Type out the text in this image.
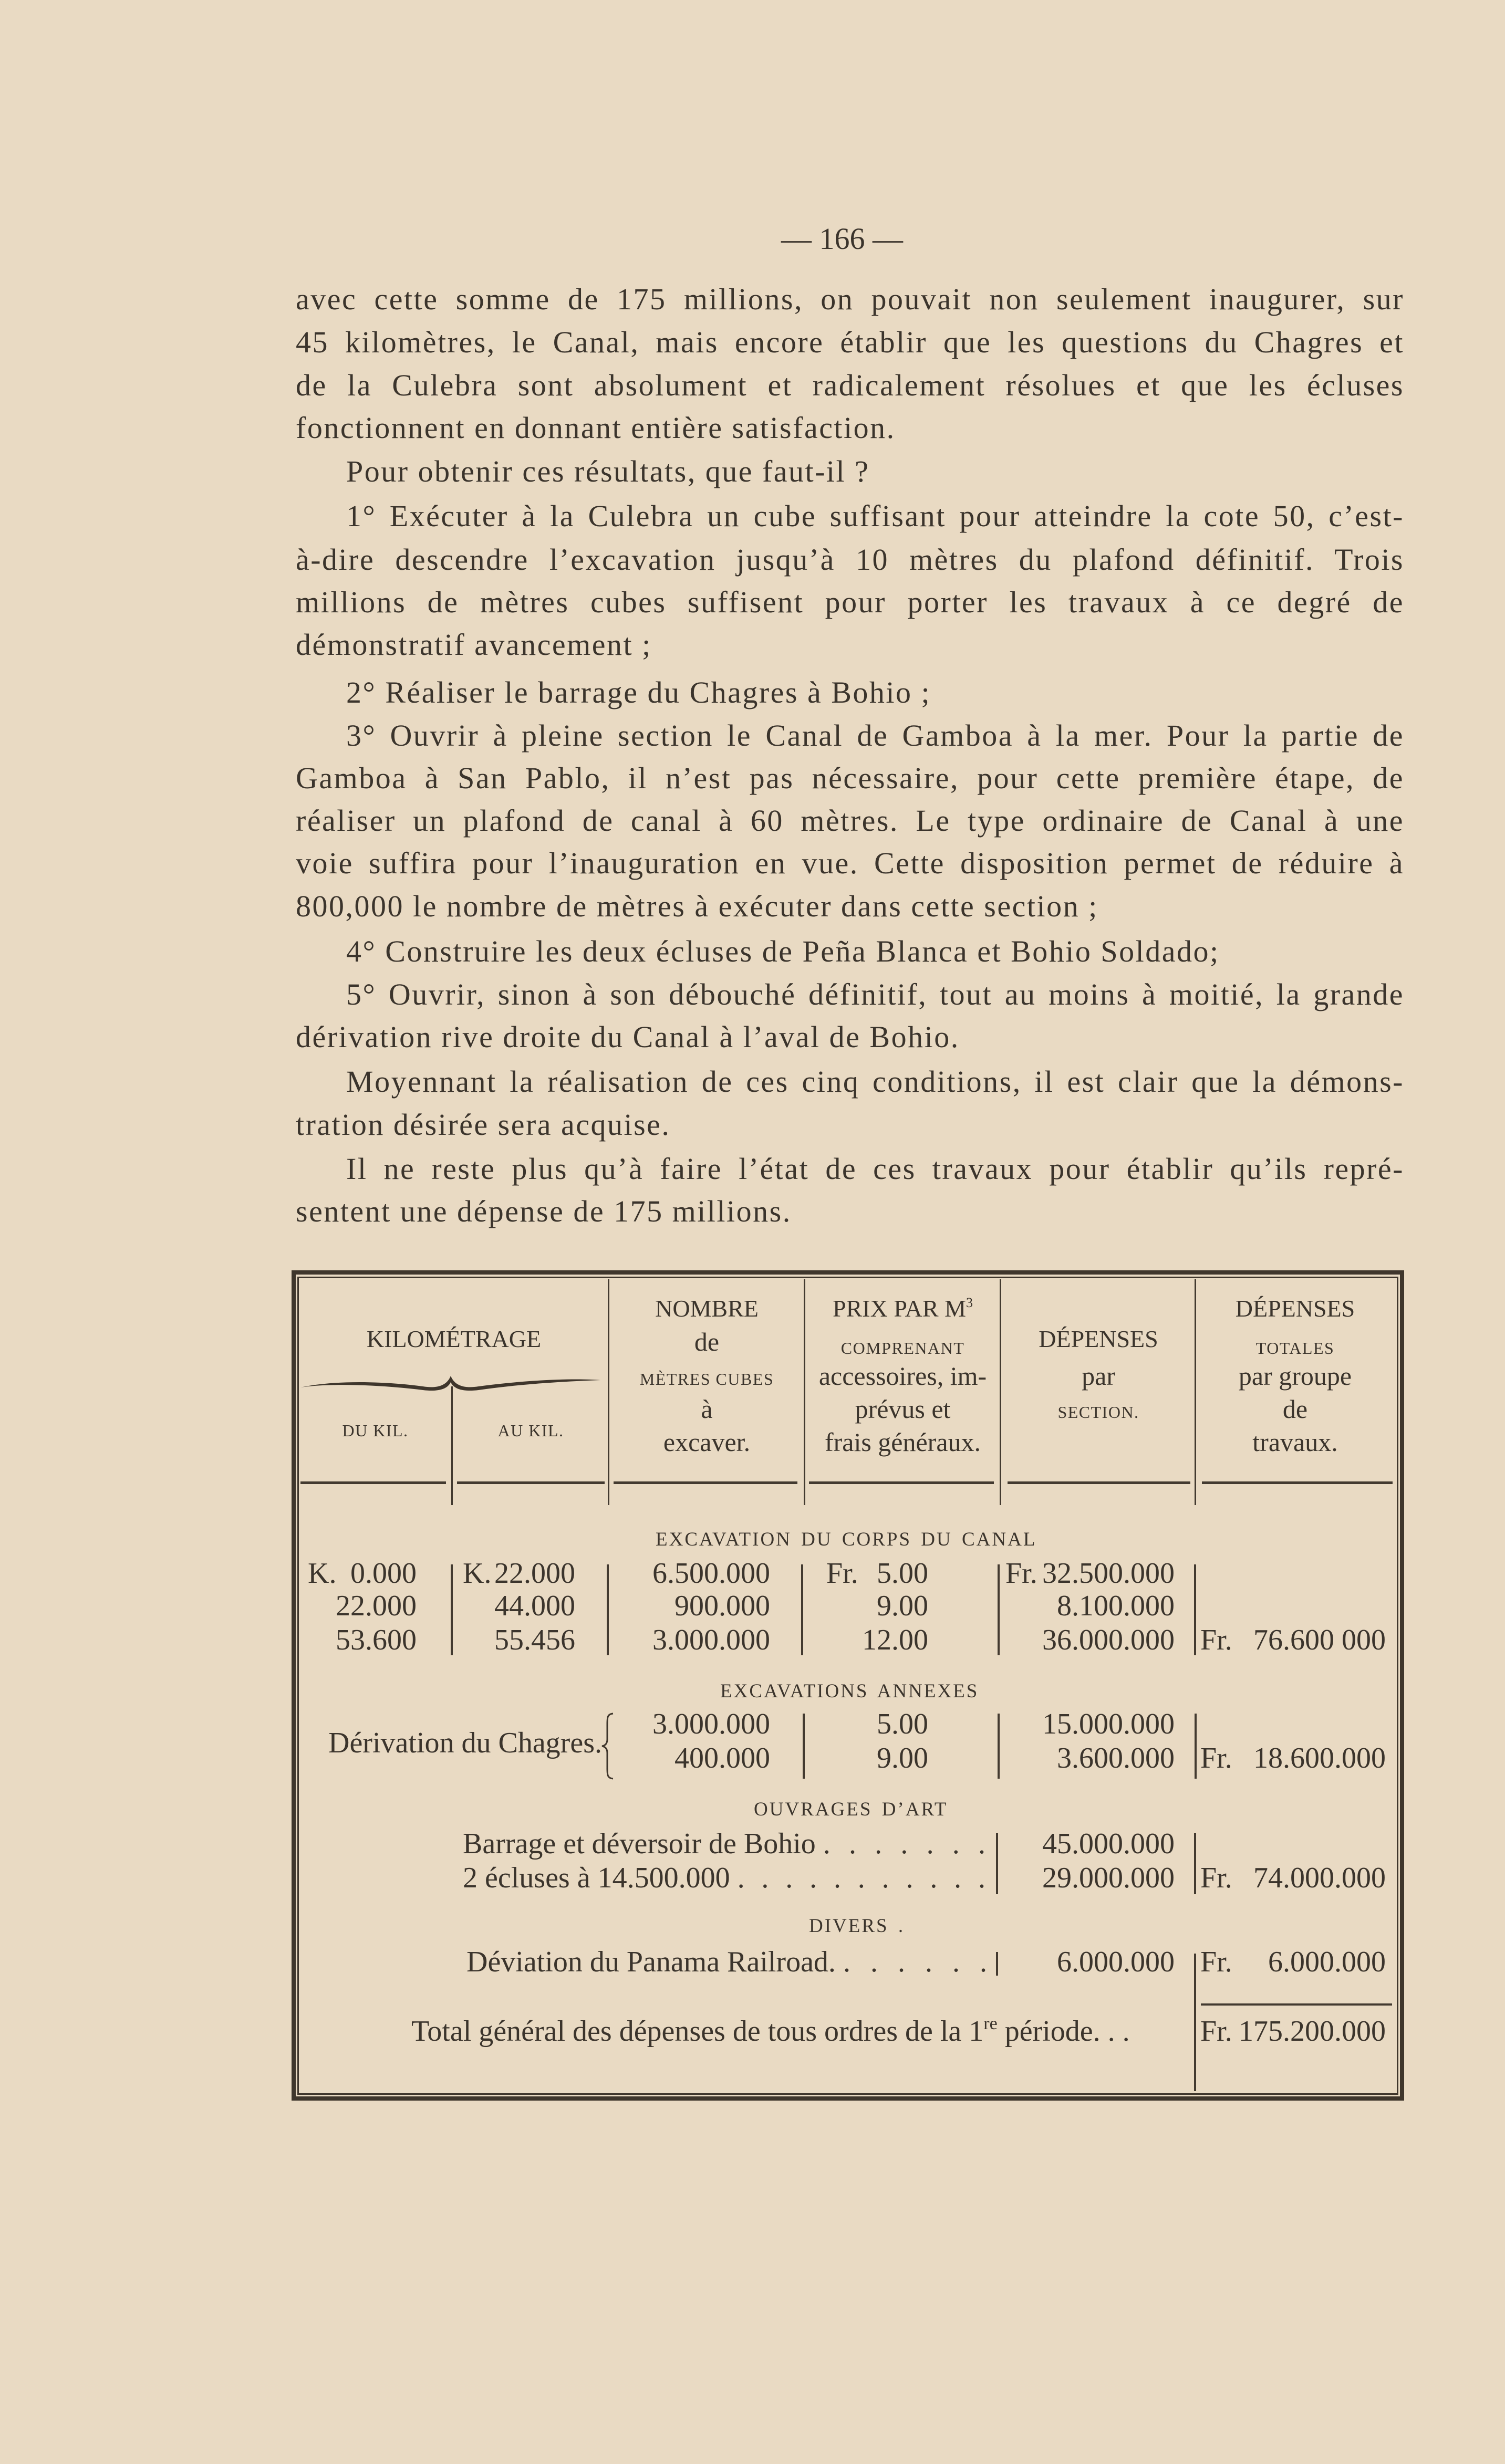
— 166 —
avec cette somme de 175 millions, on pouvait non seulement inaugurer, sur
45 kilomètres, le Canal, mais encore établir que les questions du Chagres et
de la Culebra sont absolument et radicalement résolues et que les écluses
fonctionnent en donnant entière satisfaction.
Pour obtenir ces résultats, que faut-il ?
1° Exécuter à la Culebra un cube suffisant pour atteindre la cote 50, c’est-
à-dire descendre l’excavation jusqu’à 10 mètres du plafond définitif. Trois
millions de mètres cubes suffisent pour porter les travaux à ce degré de
démonstratif avancement ;
2° Réaliser le barrage du Chagres à Bohio ;
3° Ouvrir à pleine section le Canal de Gamboa à la mer. Pour la partie de
Gamboa à San Pablo, il n’est pas nécessaire, pour cette première étape, de
réaliser un plafond de canal à 60 mètres. Le type ordinaire de Canal à une
voie suffira pour l’inauguration en vue. Cette disposition permet de réduire à
800,000 le nombre de mètres à exécuter dans cette section ;
4° Construire les deux écluses de Peña Blanca et Bohio Soldado;
5° Ouvrir, sinon à son débouché définitif, tout au moins à moitié, la grande
dérivation rive droite du Canal à l’aval de Bohio.
Moyennant la réalisation de ces cinq conditions, il est clair que la démons-
tration désirée sera acquise.
Il ne reste plus qu’à faire l’état de ces travaux pour établir qu’ils repré-
sentent une dépense de 175 millions.
KILOMÉTRAGE
DU KIL.	AU KIL.
NOMBRE
de
MÈTRES CUBES
à
excaver.
PRIX PAR $M^3$
COMPRENANT
accessoires, im-
prévus et
frais généraux.
DÉPENSES
par
SECTION.
DÉPENSES
TOTALES
par groupe
de
travaux.
EXCAVATION DU CORPS DU CANAL
K. 0.000 K. 22.000	6.500.000 Fr. 5.00	Fr. 32.500.000
22.000	44.000	900.000	9.00	8.100.000
53.600	55.456	3.000.000	12.00	36.000.000 Fr. 76.600 000
EXCAVATIONS ANNEXES
Dérivation du Chagres.
3.000.000	5.00	15.000.000
400.000	9.00	3.600.000 Fr. 18.600.000
OUVRAGES D’ART
Barrage et déversoir de Bohio . . . . . . .	45.000.000
2 écluses à 14.500.000 . . . . . . . . . . .	29.000.000 Fr. 74.000.000
DIVERS .
Déviation du Panama Railroad. . . . . . .	6.000.000 Fr. 6.000.000
Total général des dépenses de tous ordres de la 1re période. . . Fr. 175.200.000
